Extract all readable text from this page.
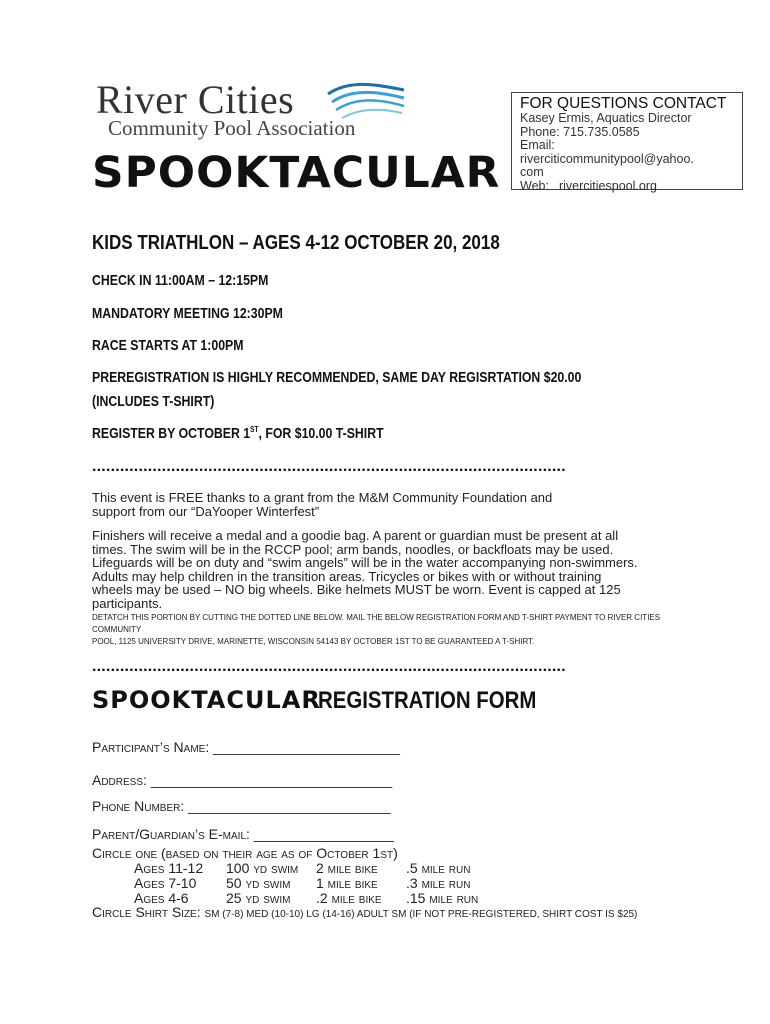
River Cities
Community Pool Association
SPOOKTACULAR
FOR QUESTIONS CONTACT
Kasey Ermis, Aquatics Director
Phone: 715.735.0585
Email:
riverciticommunitypool@yahoo.
com
Web: rivercitiespool.org
KIDS TRIATHLON – AGES 4-12 OCTOBER 20, 2018
CHECK IN 11:00AM – 12:15PM
MANDATORY MEETING 12:30PM
RACE STARTS AT 1:00PM
PREREGISTRATION IS HIGHLY RECOMMENDED, SAME DAY REGISRTATION $20.00
(INCLUDES T-SHIRT)
REGISTER BY OCTOBER 1ST, FOR $10.00 T-SHIRT
......................................................................................................
This event is FREE thanks to a grant from the M&M Community Foundation and
support from our “DaYooper Winterfest”
Finishers will receive a medal and a goodie bag. A parent or guardian must be present at all
times. The swim will be in the RCCP pool; arm bands, noodles, or backfloats may be used.
Lifeguards will be on duty and “swim angels” will be in the water accompanying non-swimmers.
Adults may help children in the transition areas. Tricycles or bikes with or without training
wheels may be used – NO big wheels. Bike helmets MUST be worn. Event is capped at 125
participants.
DETATCH THIS PORTION BY CUTTING THE DOTTED LINE BELOW. MAIL THE BELOW REGISTRATION FORM AND T-SHIRT PAYMENT TO RIVER CITIES COMMUNITY
POOL, 1125 UNIVERSITY DRIVE, MARINETTE, WISCONSIN 54143 BY OCTOBER 1ST TO BE GUARANTEED A T-SHIRT.
......................................................................................................
SPOOKTACULAR
REGISTRATION FORM
Participant’s Name: ________________________
Address: _______________________________
Phone Number: __________________________
Parent/Guardian’s E-mail: __________________
Circle one (based on their age as of October 1st)
Ages 11-12	100 yd swim	2 mile bike	.5 mile run
Ages 7-10	50 yd swim	1 mile bike	.3 mile run
Ages 4-6	25 yd swim	.2 mile bike	.15 mile run
Circle Shirt Size: SM (7-8) MED (10-10) LG (14-16) ADULT SM (IF NOT PRE-REGISTERED, SHIRT COST IS $25)
